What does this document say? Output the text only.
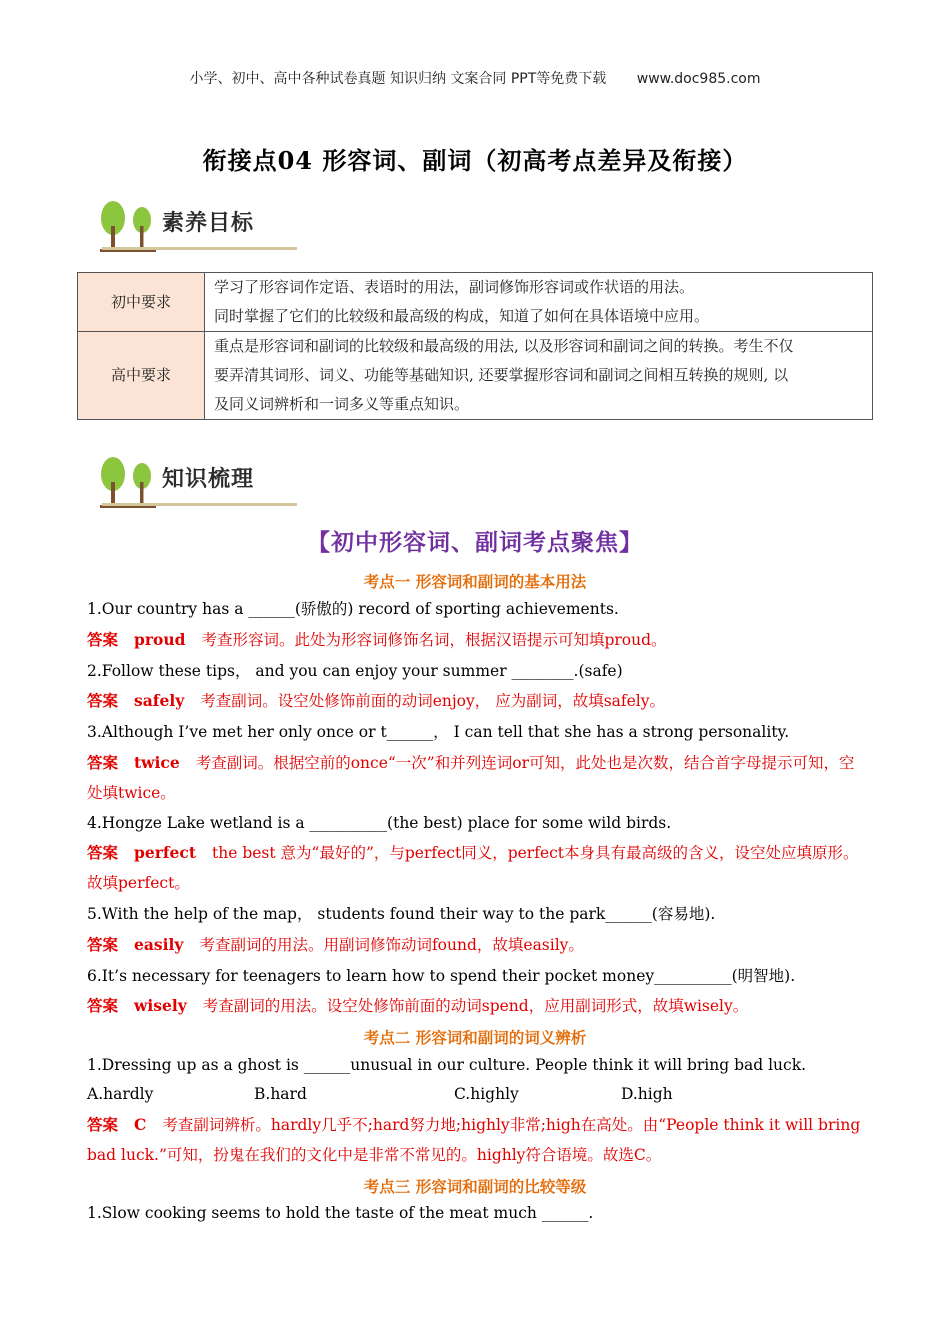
小学、初中、高中各种试卷真题 知识归纳 文案合同 PPT等免费下载 www.doc985.com
衔接点04 形容词、副词（初高考点差异及衔接）
素养目标
初中要求	学习了形容词作定语、表语时的用法，副词修饰形容词或作状语的用法。
同时掌握了它们的比较级和最高级的构成，知道了如何在具体语境中应用。

高中要求	重点是形容词和副词的比较级和最高级的用法, 以及形容词和副词之间的转换。考生不仅
要弄清其词形、词义、功能等基础知识, 还要掌握形容词和副词之间相互转换的规则, 以
及同义词辨析和一词多义等重点知识。
知识梳理
【初中形容词、副词考点聚焦】
考点一 形容词和副词的基本用法
1.Our country has a ______(骄傲的) record of sporting achievements.
答案 proud 考查形容词。此处为形容词修饰名词，根据汉语提示可知填proud。
2.Follow these tips， and you can enjoy your summer ________.(safe)
答案 safely 考查副词。设空处修饰前面的动词enjoy， 应为副词，故填safely。
3.Although I’ve met her only once or t______， I can tell that she has a strong personality.
答案 twice 考查副词。根据空前的once“一次”和并列连词or可知，此处也是次数，结合首字母提示可知，空处填twice。
4.Hongze Lake wetland is a __________(the best) place for some wild birds.
答案 perfect the best 意为“最好的”，与perfect同义，perfect本身具有最高级的含义，设空处应填原形。故填perfect。
5.With the help of the map， students found their way to the park______(容易地).
答案 easily 考查副词的用法。用副词修饰动词found，故填easily。
6.It’s necessary for teenagers to learn how to spend their pocket money__________(明智地).
答案 wisely 考查副词的用法。设空处修饰前面的动词spend，应用副词形式，故填wisely。
考点二 形容词和副词的词义辨析
1.Dressing up as a ghost is ______unusual in our culture. People think it will bring bad luck.
A.hardly	B.hard	C.highly	D.high
答案 C 考查副词辨析。hardly几乎不;hard努力地;highly非常;high在高处。由“People think it will bring bad luck.”可知，扮鬼在我们的文化中是非常不常见的。highly符合语境。故选C。
考点三 形容词和副词的比较等级
1.Slow cooking seems to hold the taste of the meat much ______.
